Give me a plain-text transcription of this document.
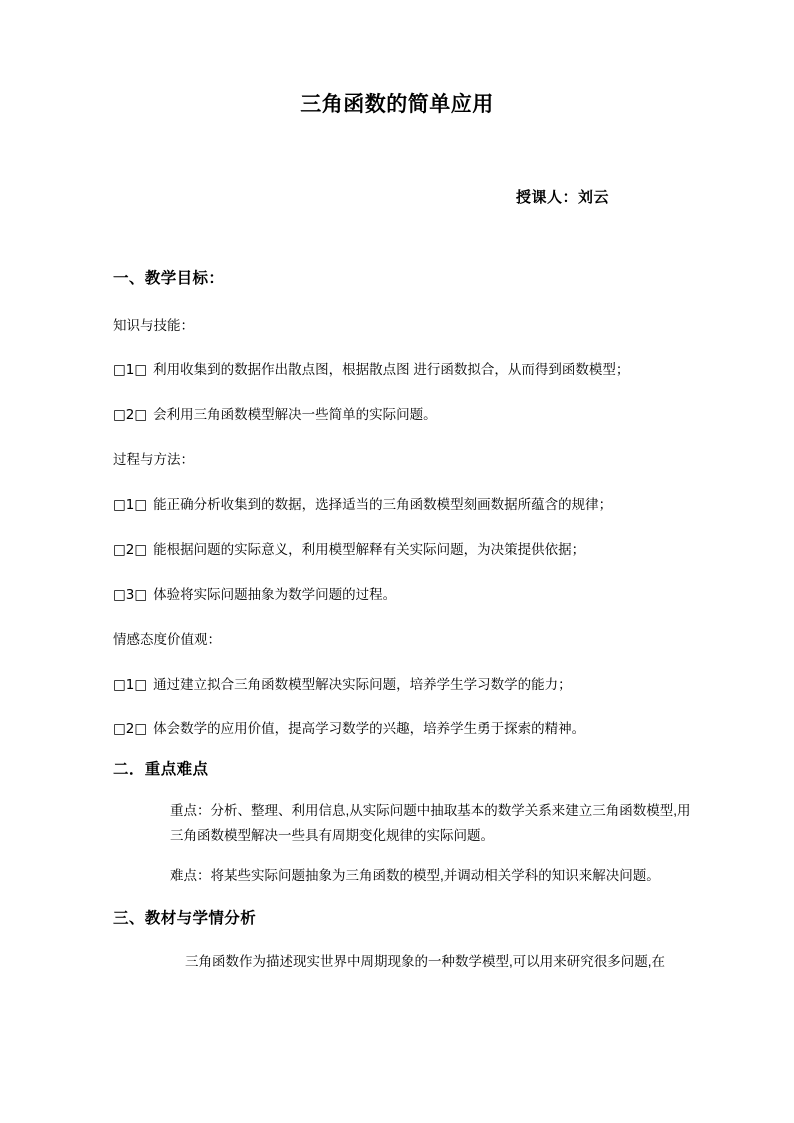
三角函数的简单应用

授课人：刘云

一、教学目标：

知识与技能：

□1□ 利用收集到的数据作出散点图，根据散点图 进行函数拟合，从而得到函数模型；

□2□ 会利用三角函数模型解决一些简单的实际问题。

过程与方法：

□1□ 能正确分析收集到的数据，选择适当的三角函数模型刻画数据所蕴含的规律；

□2□ 能根据问题的实际意义，利用模型解释有关实际问题，为决策提供依据；

□3□ 体验将实际问题抽象为数学问题的过程。

情感态度价值观：

□1□ 通过建立拟合三角函数模型解决实际问题，培养学生学习数学的能力；

□2□ 体会数学的应用价值，提高学习数学的兴趣，培养学生勇于探索的精神。

二．重点难点
重点：分析、整理、利用信息,从实际问题中抽取基本的数学关系来建立三角函数模型,用三角函数模型解决一些具有周期变化规律的实际问题。
难点：将某些实际问题抽象为三角函数的模型,并调动相关学科的知识来解决问题。
三、教材与学情分析

三角函数作为描述现实世界中周期现象的一种数学模型,可以用来研究很多问题,在
